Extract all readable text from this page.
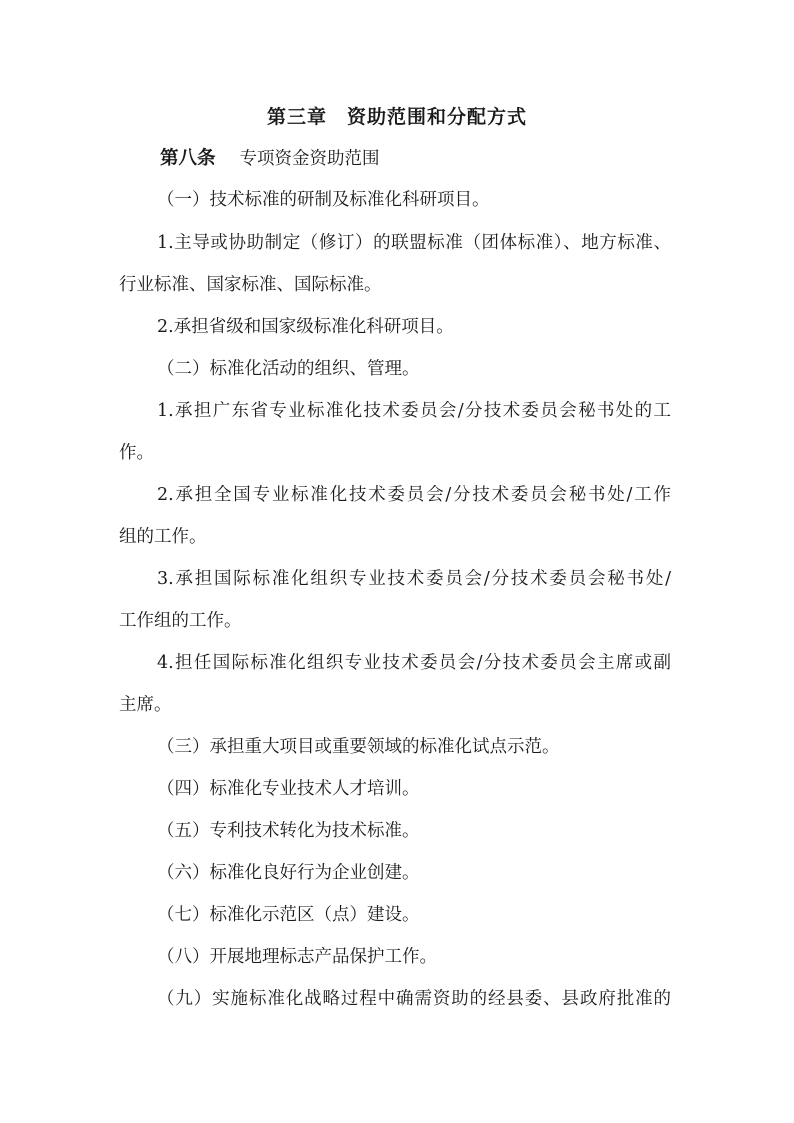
第三章　资助范围和分配方式
第八条 专项资金资助范围
（一）技术标准的研制及标准化科研项目。
1.主导或协助制定（修订）的联盟标准（团体标准）、地方标准、
行业标准、国家标准、国际标准。
2.承担省级和国家级标准化科研项目。
（二）标准化活动的组织、管理。
1.承担广东省专业标准化技术委员会/分技术委员会秘书处的工
作。
2.承担全国专业标准化技术委员会/分技术委员会秘书处/工作
组的工作。
3.承担国际标准化组织专业技术委员会/分技术委员会秘书处/
工作组的工作。
4.担任国际标准化组织专业技术委员会/分技术委员会主席或副
主席。
（三）承担重大项目或重要领域的标准化试点示范。
（四）标准化专业技术人才培训。
（五）专利技术转化为技术标准。
（六）标准化良好行为企业创建。
（七）标准化示范区（点）建设。
（八）开展地理标志产品保护工作。
（九）实施标准化战略过程中确需资助的经县委、县政府批准的
